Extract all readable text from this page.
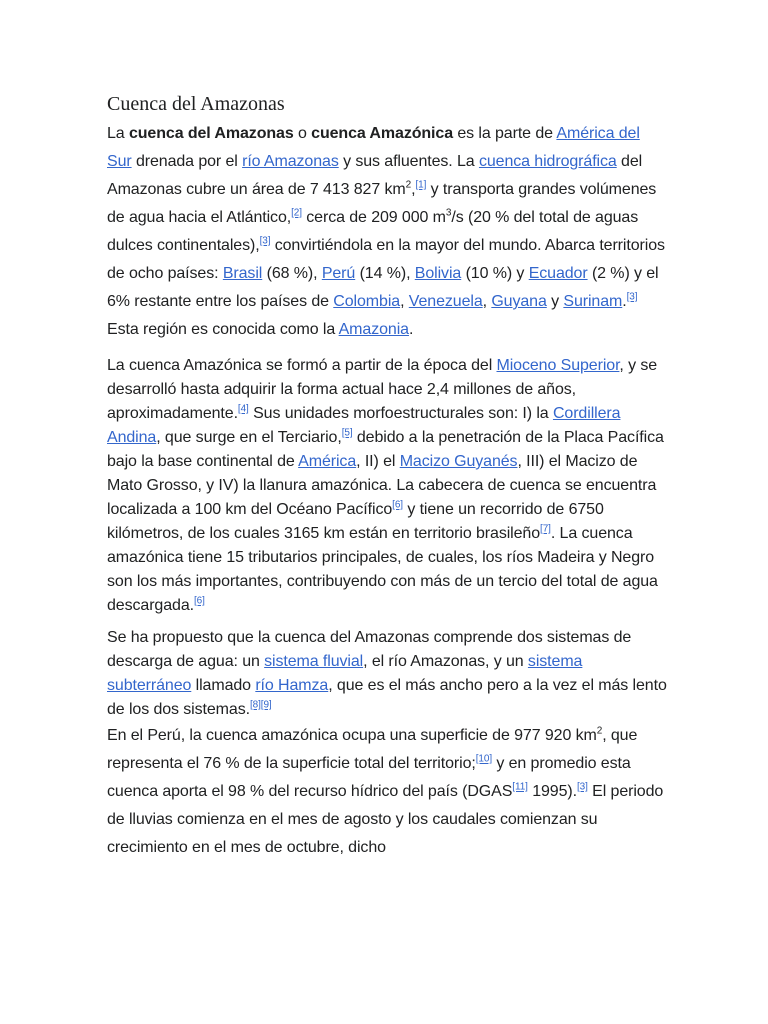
Cuenca del Amazonas

La cuenca del Amazonas o cuenca Amazónica es la parte de América del Sur drenada por el río Amazonas y sus afluentes. La cuenca hidrográfica del Amazonas cubre un área de 7 413 827 $km^2,[1]$ y transporta grandes volúmenes de agua hacia el Atlántico,[2] cerca de 209 000 $m^3/s$ (20 % del total de aguas dulces continentales),[3] convirtiéndola en la mayor del mundo. Abarca territorios de ocho países: Brasil (68 %), Perú (14 %), Bolivia (10 %) y Ecuador (2 %) y el 6% restante entre los países de Colombia, Venezuela, Guyana y Surinam.[3] Esta región es conocida como la Amazonia.

La cuenca Amazónica se formó a partir de la época del Mioceno Superior, y se desarrolló hasta adquirir la forma actual hace 2,4 millones de años, aproximadamente.[4] Sus unidades morfoestructurales son: I) la Cordillera Andina, que surge en el Terciario,[5] debido a la penetración de la Placa Pacífica bajo la base continental de América, II) el Macizo Guyanés, III) el Macizo de Mato Grosso, y IV) la llanura amazónica. La cabecera de cuenca se encuentra localizada a 100 km del Océano Pacífico[6] y tiene un recorrido de 6750 kilómetros, de los cuales 3165 km están en territorio brasileño[7]. La cuenca amazónica tiene 15 tributarios principales, de cuales, los ríos Madeira y Negro son los más importantes, contribuyendo con más de un tercio del total de agua descargada.[6]

Se ha propuesto que la cuenca del Amazonas comprende dos sistemas de descarga de agua: un sistema fluvial, el río Amazonas, y un sistema subterráneo llamado río Hamza, que es el más ancho pero a la vez el más lento de los dos sistemas.[8][9]

En el Perú, la cuenca amazónica ocupa una superficie de 977 920 $km^2$, que representa el 76 % de la superficie total del territorio;[10] y en promedio esta cuenca aporta el 98 % del recurso hídrico del país (DGAS[11] 1995).[3] El periodo de lluvias comienza en el mes de agosto y los caudales comienzan su crecimiento en el mes de octubre, dicho
